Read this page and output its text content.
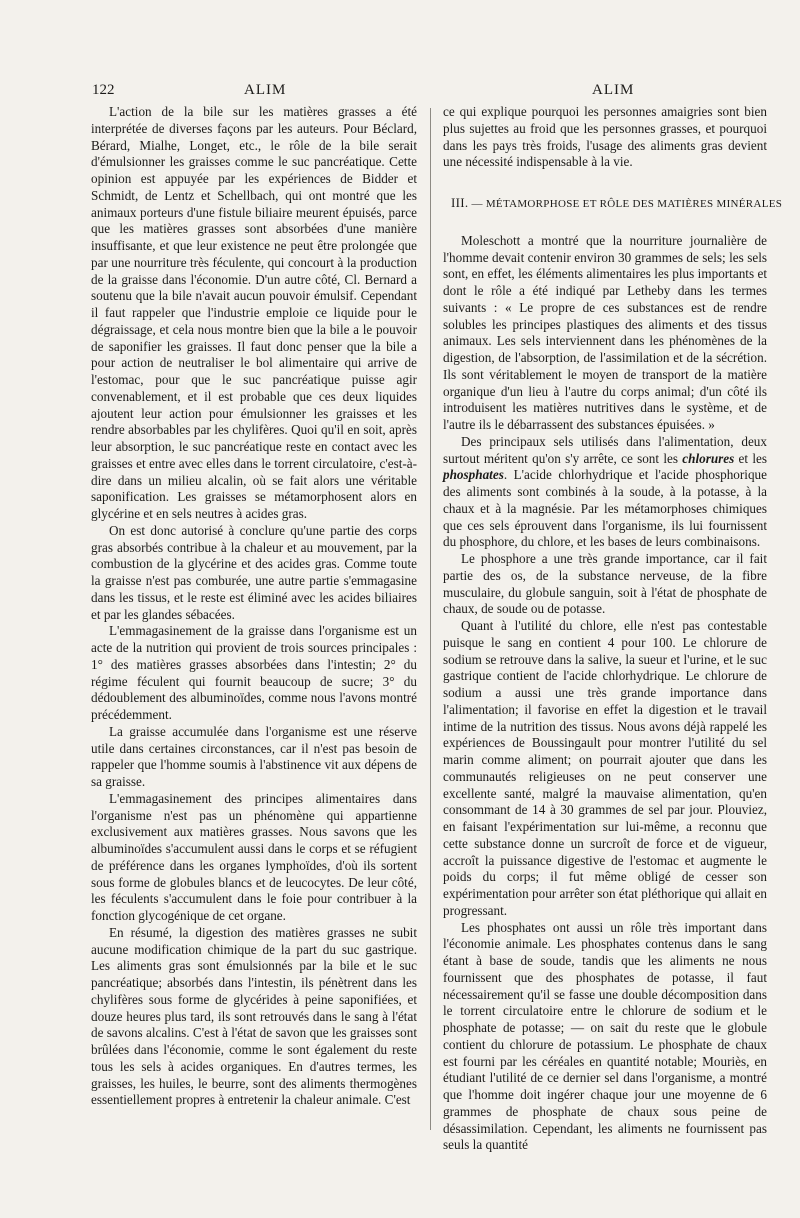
122	ALIM	ALIM

L'action de la bile sur les matières grasses a été interprétée de diverses façons par les auteurs. Pour Béclard, Bérard, Mialhe, Longet, etc., le rôle de la bile serait d'émulsionner les graisses comme le suc pancréatique. Cette opinion est appuyée par les expériences de Bidder et Schmidt, de Lentz et Schellbach, qui ont montré que les animaux porteurs d'une fistule biliaire meurent épuisés, parce que les matières grasses sont absorbées d'une manière insuffisante, et que leur existence ne peut être prolongée que par une nourriture très féculente, qui concourt à la production de la graisse dans l'économie. D'un autre côté, Cl. Bernard a soutenu que la bile n'avait aucun pouvoir émulsif. Cependant il faut rappeler que l'industrie emploie ce liquide pour le dégraissage, et cela nous montre bien que la bile a le pouvoir de saponifier les graisses. Il faut donc penser que la bile a pour action de neutraliser le bol alimentaire qui arrive de l'estomac, pour que le suc pancréatique puisse agir convenablement, et il est probable que ces deux liquides ajoutent leur action pour émulsionner les graisses et les rendre absorbables par les chylifères. Quoi qu'il en soit, après leur absorption, le suc pancréatique reste en contact avec les graisses et entre avec elles dans le torrent circulatoire, c'est-à-dire dans un milieu alcalin, où se fait alors une véritable saponification. Les graisses se métamorphosent alors en glycérine et en sels neutres à acides gras.

On est donc autorisé à conclure qu'une partie des corps gras absorbés contribue à la chaleur et au mouvement, par la combustion de la glycérine et des acides gras. Comme toute la graisse n'est pas comburée, une autre partie s'emmagasine dans les tissus, et le reste est éliminé avec les acides biliaires et par les glandes sébacées.

L'emmagasinement de la graisse dans l'organisme est un acte de la nutrition qui provient de trois sources principales : 1° des matières grasses absorbées dans l'intestin; 2° du régime féculent qui fournit beaucoup de sucre; 3° du dédoublement des albuminoïdes, comme nous l'avons montré précédemment.

La graisse accumulée dans l'organisme est une réserve utile dans certaines circonstances, car il n'est pas besoin de rappeler que l'homme soumis à l'abstinence vit aux dépens de sa graisse.

L'emmagasinement des principes alimentaires dans l'organisme n'est pas un phénomène qui appartienne exclusivement aux matières grasses. Nous savons que les albuminoïdes s'accumulent aussi dans le corps et se réfugient de préférence dans les organes lymphoïdes, d'où ils sortent sous forme de globules blancs et de leucocytes. De leur côté, les féculents s'accumulent dans le foie pour contribuer à la fonction glycogénique de cet organe.

En résumé, la digestion des matières grasses ne subit aucune modification chimique de la part du suc gastrique. Les aliments gras sont émulsionnés par la bile et le suc pancréatique; absorbés dans l'intestin, ils pénètrent dans les chylifères sous forme de glycérides à peine saponifiées, et douze heures plus tard, ils sont retrouvés dans le sang à l'état de savons alcalins. C'est à l'état de savon que les graisses sont brûlées dans l'économie, comme le sont également du reste tous les sels à acides organiques. En d'autres termes, les graisses, les huiles, le beurre, sont des aliments thermogènes essentiellement propres à entretenir la chaleur animale. C'est

ce qui explique pourquoi les personnes amaigries sont bien plus sujettes au froid que les personnes grasses, et pourquoi dans les pays très froids, l'usage des aliments gras devient une nécessité indispensable à la vie.

III. — MÉTAMORPHOSE ET RÔLE DES MATIÈRES MINÉRALES

Moleschott a montré que la nourriture journalière de l'homme devait contenir environ 30 grammes de sels; les sels sont, en effet, les éléments alimentaires les plus importants et dont le rôle a été indiqué par Letheby dans les termes suivants : « Le propre de ces substances est de rendre solubles les principes plastiques des aliments et des tissus animaux. Les sels interviennent dans les phénomènes de la digestion, de l'absorption, de l'assimilation et de la sécrétion. Ils sont véritablement le moyen de transport de la matière organique d'un lieu à l'autre du corps animal; d'un côté ils introduisent les matières nutritives dans le système, et de l'autre ils le débarrassent des substances épuisées. »

Des principaux sels utilisés dans l'alimentation, deux surtout méritent qu'on s'y arrête, ce sont les chlorures et les phosphates. L'acide chlorhydrique et l'acide phosphorique des aliments sont combinés à la soude, à la potasse, à la chaux et à la magnésie. Par les métamorphoses chimiques que ces sels éprouvent dans l'organisme, ils lui fournissent du phosphore, du chlore, et les bases de leurs combinaisons.

Le phosphore a une très grande importance, car il fait partie des os, de la substance nerveuse, de la fibre musculaire, du globule sanguin, soit à l'état de phosphate de chaux, de soude ou de potasse.

Quant à l'utilité du chlore, elle n'est pas contestable puisque le sang en contient 4 pour 100. Le chlorure de sodium se retrouve dans la salive, la sueur et l'urine, et le suc gastrique contient de l'acide chlorhydrique. Le chlorure de sodium a aussi une très grande importance dans l'alimentation; il favorise en effet la digestion et le travail intime de la nutrition des tissus. Nous avons déjà rappelé les expériences de Boussingault pour montrer l'utilité du sel marin comme aliment; on pourrait ajouter que dans les communautés religieuses on ne peut conserver une excellente santé, malgré la mauvaise alimentation, qu'en consommant de 14 à 30 grammes de sel par jour. Plouviez, en faisant l'expérimentation sur lui-même, a reconnu que cette substance donne un surcroît de force et de vigueur, accroît la puissance digestive de l'estomac et augmente le poids du corps; il fut même obligé de cesser son expérimentation pour arrêter son état pléthorique qui allait en progressant.

Les phosphates ont aussi un rôle très important dans l'économie animale. Les phosphates contenus dans le sang étant à base de soude, tandis que les aliments ne nous fournissent que des phosphates de potasse, il faut nécessairement qu'il se fasse une double décomposition dans le torrent circulatoire entre le chlorure de sodium et le phosphate de potasse; — on sait du reste que le globule contient du chlorure de potassium. Le phosphate de chaux est fourni par les céréales en quantité notable; Mouriès, en étudiant l'utilité de ce dernier sel dans l'organisme, a montré que l'homme doit ingérer chaque jour une moyenne de 6 grammes de phosphate de chaux sous peine de désassimilation. Cependant, les aliments ne fournissent pas seuls la quantité
